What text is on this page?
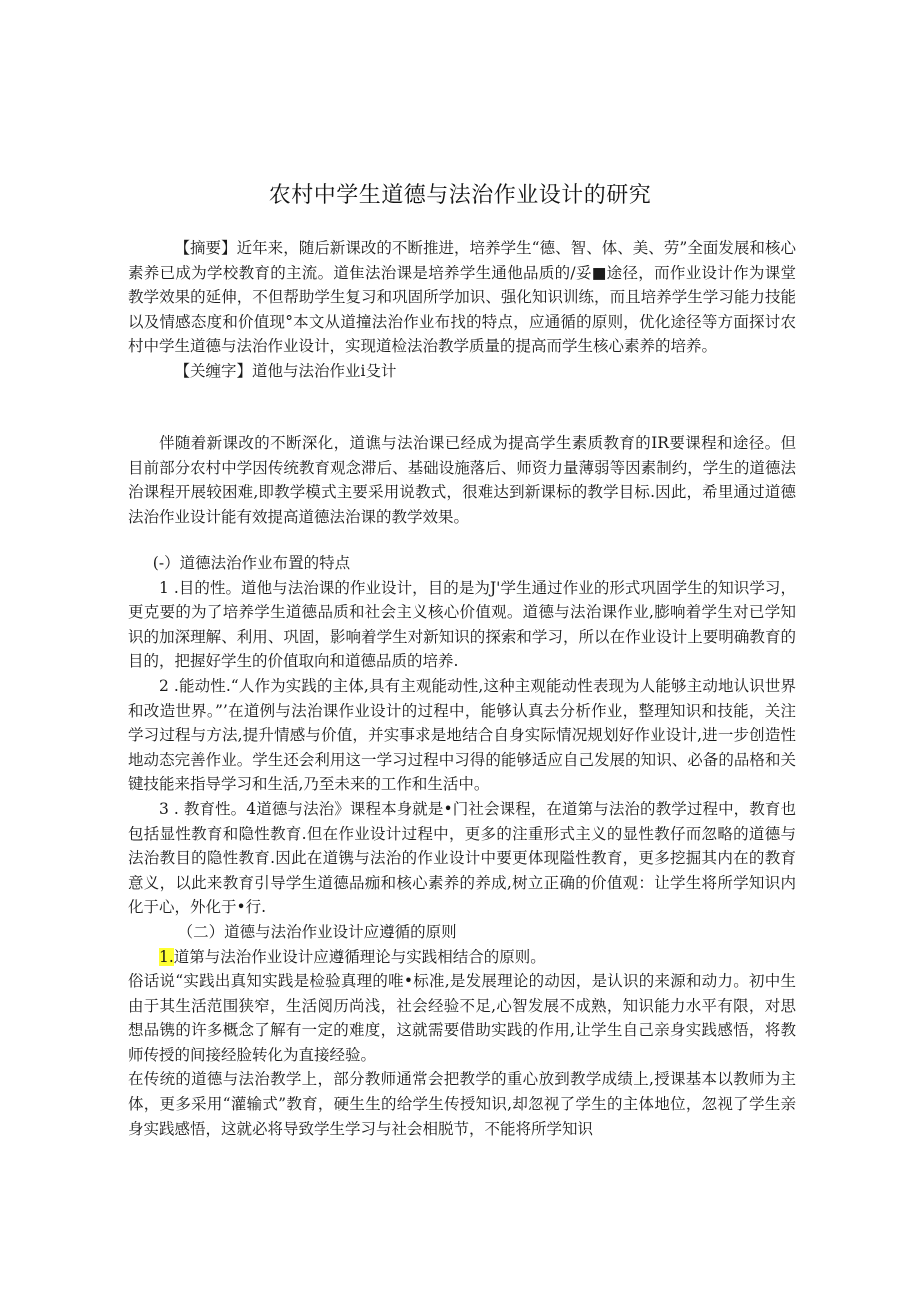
农村中学生道德与法治作业设计的研究

【摘要】近年来，随后新课改的不断推进，培养学生“德、智、体、美、劳”全面发展和核心素养已成为学校教育的主流。道隹法治课是培养学生通他品质的/妥■途径，而作业设计作为课堂教学效果的延伸，不但帮助学生复习和巩固所学加识、强化知识训练，而且培养学生学习能力技能以及情感态度和价值现°本文从道撞法治作业布找的特点，应通循的原则，优化途径等方面探讨农村中学生道德与法治作业设计，实现道检法治教学质量的提高而学生核心素养的培养。

【关缠字】道他与法治作业i殳计

伴随着新课改的不断深化，道谯与法治课已经成为提高学生素质教育的IR要课程和途径。但目前部分农村中学因传统教育观念滞后、基础设施落后、师资力量薄弱等因素制约，学生的道德法治课程开展较困难,即教学模式主要采用说教式，很难达到新课标的教学目标.因此，希里通过道德法治作业设计能有效提高道德法治课的教学效果。

(-）道德法治作业布置的特点

1 .目的性。道他与法治课的作业设计，目的是为J'学生通过作业的形式巩固学生的知识学习，更克要的为了培养学生道德品质和社会主义核心价值观。道德与法治课作业,膨响着学生对已学知识的加深理解、利用、巩固，影响着学生对新知识的探索和学习，所以在作业设计上要明确教育的目的，把握好学生的价值取向和道德品质的培养.

2 .能动性.“人作为实践的主体,具有主观能动性,这种主观能动性表现为人能够主动地认识世界和改造世界。”’在道例与法治课作业设计的过程中，能够认真去分析作业，整理知识和技能，关注学习过程与方法,提升情感与价值，并实事求是地结合自身实际情况规划好作业设计,进一步创造性地动态完善作业。学生还会利用这一学习过程中习得的能够适应自己发展的知识、必备的品格和关键技能来指导学习和生活,乃至未来的工作和生活中。

3 . 教育性。4道德与法治》课程本身就是•门社会课程，在道第与法治的教学过程中，教育也包括显性教育和隐性教育.但在作业设计过程中，更多的注重形式主义的显性教仔而忽略的道德与法治教目的隐性教育.因此在道镌与法治的作业设计中要更体现隘性教育，更多挖掘其内在的教育意义，以此来教育引导学生道德品痂和核心素养的养成,树立正确的价值观：让学生将所学知识内化于心，外化于•行.

（二）道德与法治作业设计应遵循的原则

1.道第与法治作业设计应遵循理论与实践相结合的原则。

俗话说“实践出真知实践是检验真理的唯•标准,是发展理论的动因，是认识的来源和动力。初中生由于其生活范围狭窄，生活阅历尚浅，社会经验不足,心智发展不成熟，知识能力水平有限，对思想品镌的许多概念了解有一定的难度，这就需要借助实践的作用,让学生自己亲身实践感悟，将教师传授的间接经脸转化为直接经验。

在传统的道德与法治教学上，部分教师通常会把教学的重心放到教学成绩上,授课基本以教师为主体，更多采用“灌输式”教育，硬生生的给学生传授知识,却忽视了学生的主体地位，忽视了学生亲身实践感悟，这就必将导致学生学习与社会相脱节，不能将所学知识
